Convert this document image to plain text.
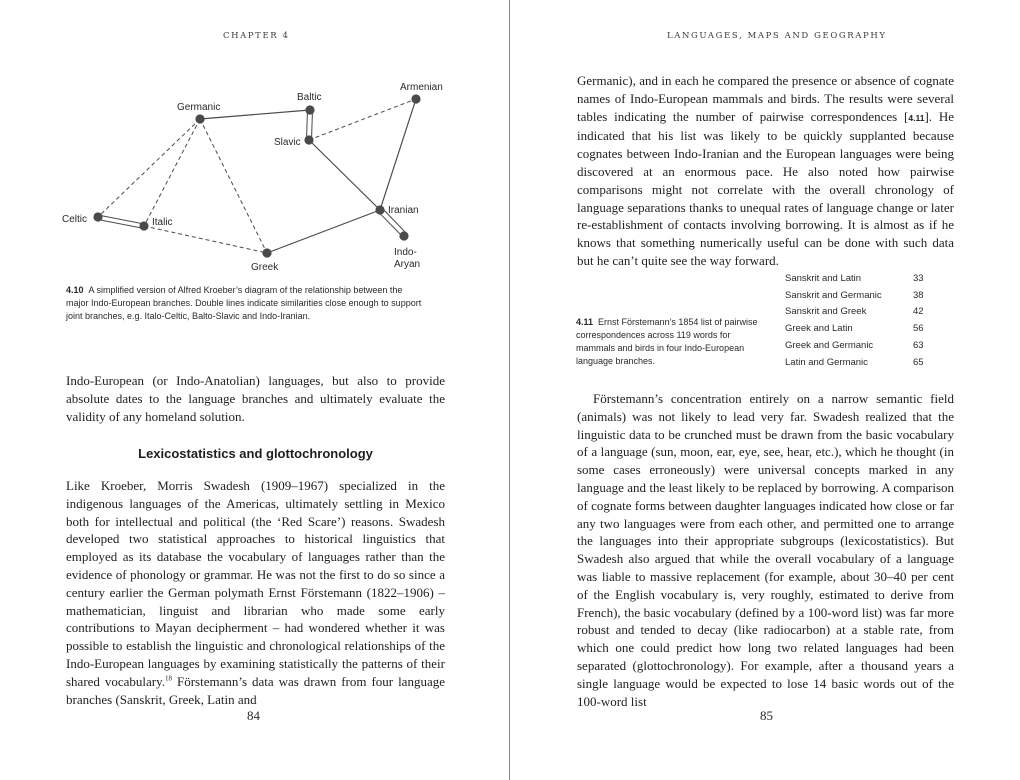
CHAPTER 4
Germanic
Baltic
Armenian
Slavic
Celtic	Italic
Iranian
Greek
Indo-
Aryan

4.10 A simplified version of Alfred Kroeber’s diagram of the relationship between the major Indo-European branches. Double lines indicate similarities close enough to support joint branches, e.g. Italo-Celtic, Balto-Slavic and Indo-Iranian.

Indo-European (or Indo-Anatolian) languages, but also to provide absolute dates to the language branches and ultimately evaluate the validity of any homeland solution.

Lexicostatistics and glottochronology

Like Kroeber, Morris Swadesh (1909–1967) specialized in the indigenous languages of the Americas, ultimately settling in Mexico both for intellectual and political (the ‘Red Scare’) reasons. Swadesh developed two statistical approaches to historical linguistics that employed as its database the vocabulary of languages rather than the evidence of phonology or grammar. He was not the first to do so since a century earlier the German polymath Ernst Förstemann (1822–1906) – mathematician, linguist and librarian who made some early contributions to Mayan decipherment – had wondered whether it was possible to establish the linguistic and chronological relationships of the Indo-European languages by examining statistically the patterns of their shared vocabulary.$^{18}$ Förstemann’s data was drawn from four language branches (Sanskrit, Greek, Latin and

84
LANGUAGES, MAPS AND GEOGRAPHY

Germanic), and in each he compared the presence or absence of cognate names of Indo-European mammals and birds. The results were several tables indicating the number of pairwise correspondences [4.11]. He indicated that his list was likely to be quickly supplanted because cognates between Indo-Iranian and the European languages were being discovered at an enormous pace. He also noted how pairwise comparisons might not correlate with the overall chronology of language separations thanks to unequal rates of language change or later re-establishment of contacts involving borrowing. It is almost as if he knows that something numerically useful can be done with such data but he can’t quite see the way forward.

4.11 Ernst Förstemann’s 1854 list of pairwise correspondences across 119 words for mammals and birds in four Indo-European language branches.

Förstemann’s concentration entirely on a narrow semantic field (animals) was not likely to lead very far. Swadesh realized that the linguistic data to be crunched must be drawn from the basic vocabulary of a language (sun, moon, ear, eye, see, hear, etc.), which he thought (in some cases erroneously) were universal concepts marked in any language and the least likely to be replaced by borrowing. A comparison of cognate forms between daughter languages indicated how close or far any two languages were from each other, and permitted one to arrange the languages into their appropriate subgroups (lexicostatistics). But Swadesh also argued that while the overall vocabulary of a language was liable to massive replacement (for example, about 30–40 per cent of the English vocabulary is, very roughly, estimated to derive from French), the basic vocabulary (defined by a 100-word list) was far more robust and tended to decay (like radiocarbon) at a stable rate, from which one could predict how long two related languages had been separated (glottochronology). For example, after a thousand years a single language would be expected to lose 14 basic words out of the 100-word list

85
Sanskrit and Latin	33
Sanskrit and Germanic	38
Sanskrit and Greek	42
Greek and Latin	56
Greek and Germanic	63
Latin and Germanic	65
